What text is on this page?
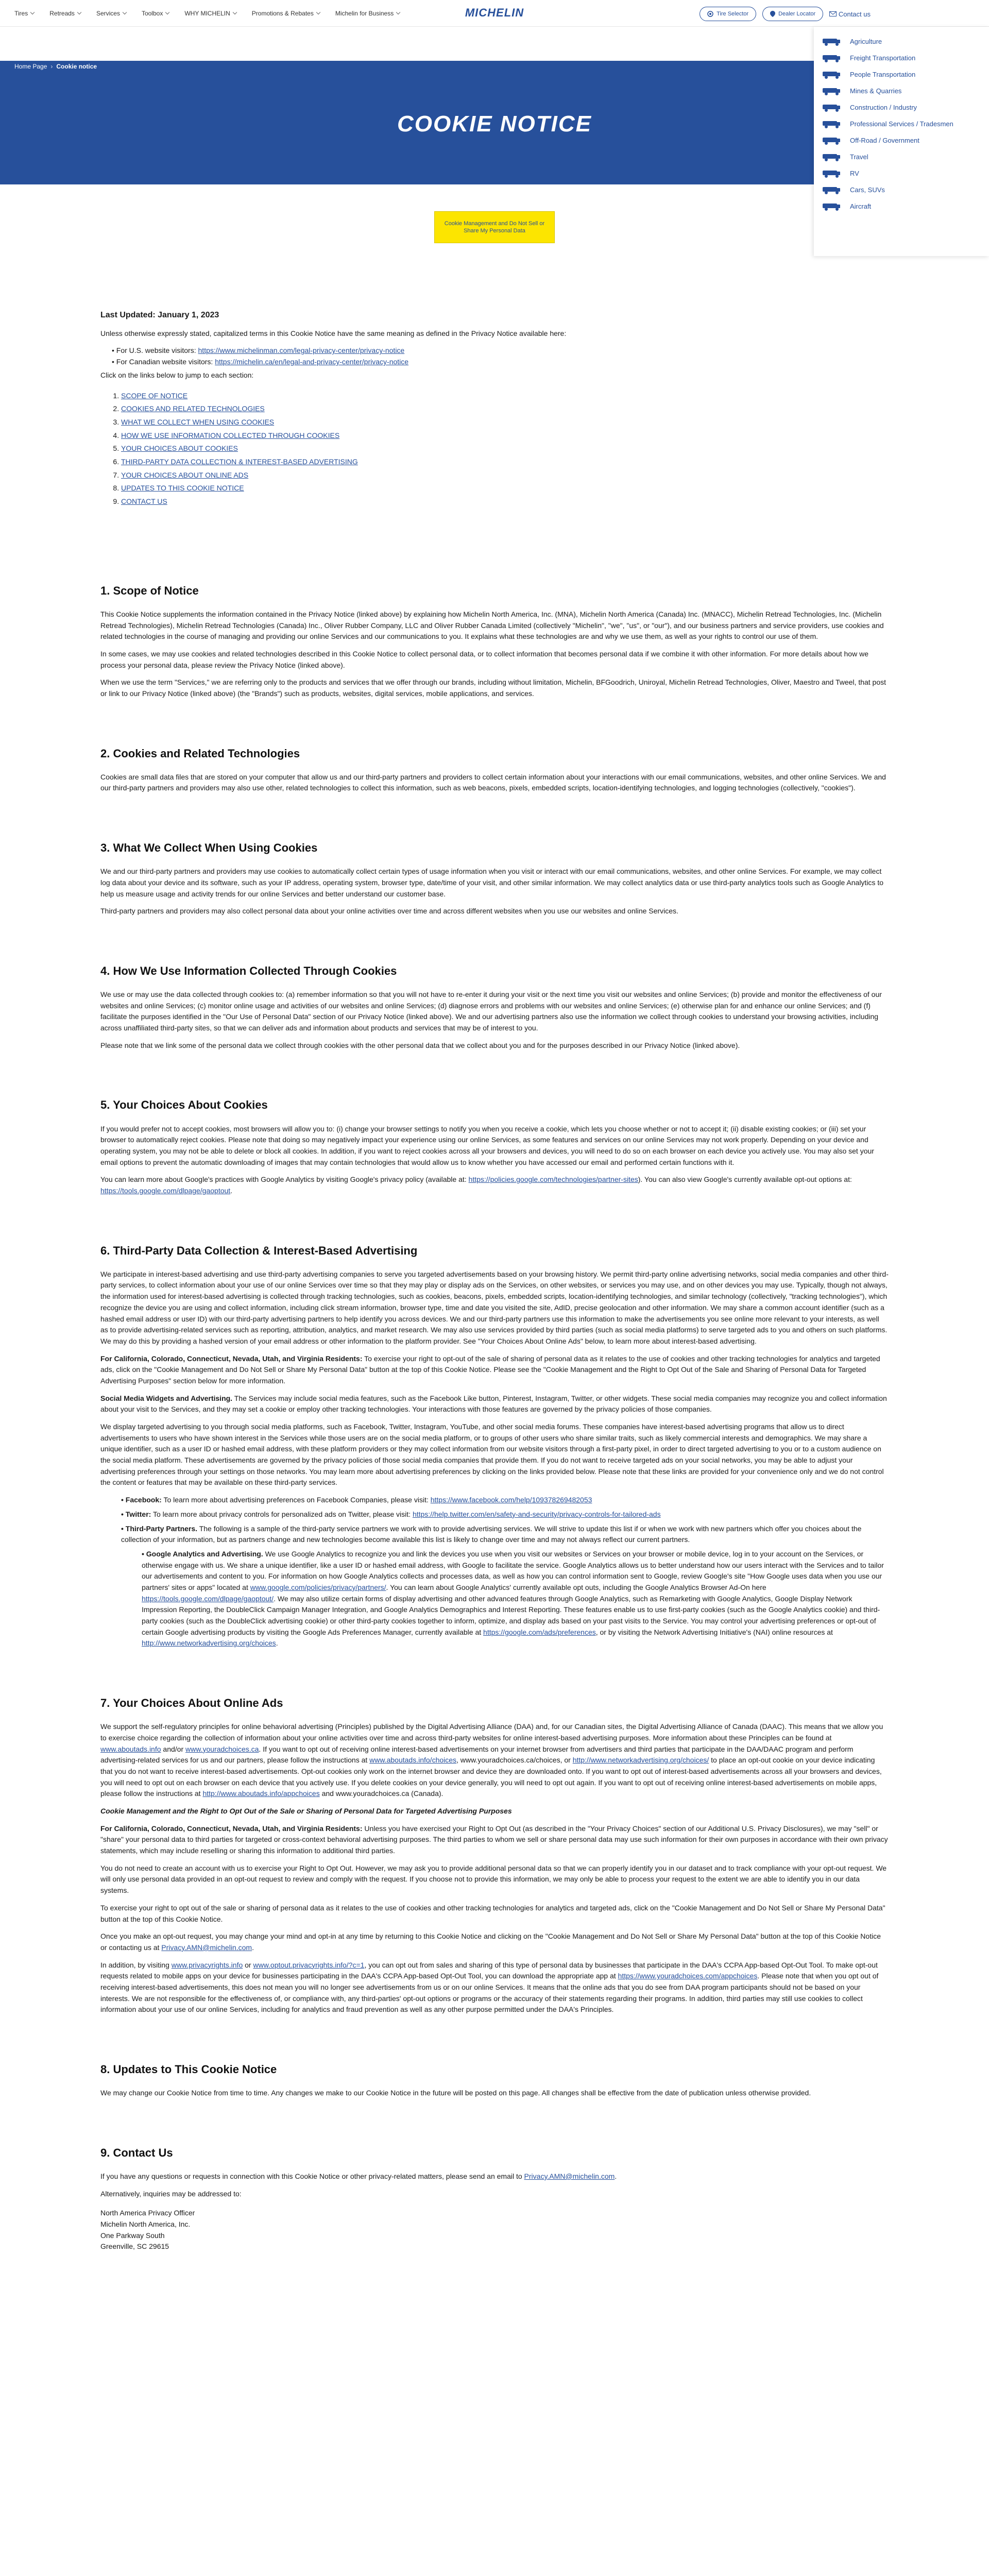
Tires	Retreads	Services	Toolbox	WHY MICHELIN	Promotions & Rebates	Michelin for Business	MICHELIN	Tire Selector	Dealer Locator	Contact us
Home Page › Cookie notice
COOKIE NOTICE
Cookie Management and Do Not Sell or Share My Personal Data
Agriculture
Freight Transportation
People Transportation
Mines & Quarries
Construction / Industry
Professional Services / Tradesmen
Off-Road / Government
Travel
RV
Cars, SUVs
Aircraft

Last Updated: January 1, 2023

Unless otherwise expressly stated, capitalized terms in this Cookie Notice have the same meaning as defined in the Privacy Notice available here:

• For U.S. website visitors: https://www.michelinman.com/legal-privacy-center/privacy-notice
• For Canadian website visitors: https://michelin.ca/en/legal-and-privacy-center/privacy-notice

Click on the links below to jump to each section:

1. SCOPE OF NOTICE
2. COOKIES AND RELATED TECHNOLOGIES
3. WHAT WE COLLECT WHEN USING COOKIES
4. HOW WE USE INFORMATION COLLECTED THROUGH COOKIES
5. YOUR CHOICES ABOUT COOKIES
6. THIRD-PARTY DATA COLLECTION & INTEREST-BASED ADVERTISING
7. YOUR CHOICES ABOUT ONLINE ADS
8. UPDATES TO THIS COOKIE NOTICE
9. CONTACT US
1. Scope of Notice

This Cookie Notice supplements the information contained in the Privacy Notice (linked above) by explaining how Michelin North America, Inc. (MNA), Michelin North America (Canada) Inc. (MNACC), Michelin Retread Technologies, Inc. (Michelin Retread Technologies), Michelin Retread Technologies (Canada) Inc., Oliver Rubber Company, LLC and Oliver Rubber Canada Limited (collectively "Michelin", "we", "us", or "our"), and our business partners and service providers, use cookies and related technologies in the course of managing and providing our online Services and our communications to you. It explains what these technologies are and why we use them, as well as your rights to control our use of them.

In some cases, we may use cookies and related technologies described in this Cookie Notice to collect personal data, or to collect information that becomes personal data if we combine it with other information. For more details about how we process your personal data, please review the Privacy Notice (linked above).

When we use the term "Services," we are referring only to the products and services that we offer through our brands, including without limitation, Michelin, BFGoodrich, Uniroyal, Michelin Retread Technologies, Oliver, Maestro and Tweel, that post or link to our Privacy Notice (linked above) (the "Brands") such as products, websites, digital services, mobile applications, and services.

2. Cookies and Related Technologies

Cookies are small data files that are stored on your computer that allow us and our third-party partners and providers to collect certain information about your interactions with our email communications, websites, and other online Services. We and our third-party partners and providers may also use other, related technologies to collect this information, such as web beacons, pixels, embedded scripts, location-identifying technologies, and logging technologies (collectively, "cookies").

3. What We Collect When Using Cookies

We and our third-party partners and providers may use cookies to automatically collect certain types of usage information when you visit or interact with our email communications, websites, and other online Services. For example, we may collect log data about your device and its software, such as your IP address, operating system, browser type, date/time of your visit, and other similar information. We may collect analytics data or use third-party analytics tools such as Google Analytics to help us measure usage and activity trends for our online Services and better understand our customer base.

Third-party partners and providers may also collect personal data about your online activities over time and across different websites when you use our websites and online Services.

4. How We Use Information Collected Through Cookies

We use or may use the data collected through cookies to: (a) remember information so that you will not have to re-enter it during your visit or the next time you visit our websites and online Services; (b) provide and monitor the effectiveness of our websites and online Services; (c) monitor online usage and activities of our websites and online Services; (d) diagnose errors and problems with our websites and online Services; (e) otherwise plan for and enhance our online Services; and (f) facilitate the purposes identified in the "Our Use of Personal Data" section of our Privacy Notice (linked above). We and our advertising partners also use the information we collect through cookies to understand your browsing activities, including across unaffiliated third-party sites, so that we can deliver ads and information about products and services that may be of interest to you.

Please note that we link some of the personal data we collect through cookies with the other personal data that we collect about you and for the purposes described in our Privacy Notice (linked above).

5. Your Choices About Cookies

If you would prefer not to accept cookies, most browsers will allow you to: (i) change your browser settings to notify you when you receive a cookie, which lets you choose whether or not to accept it; (ii) disable existing cookies; or (iii) set your browser to automatically reject cookies. Please note that doing so may negatively impact your experience using our online Services, as some features and services on our online Services may not work properly. Depending on your device and operating system, you may not be able to delete or block all cookies. In addition, if you want to reject cookies across all your browsers and devices, you will need to do so on each browser on each device you actively use. You may also set your email options to prevent the automatic downloading of images that may contain technologies that would allow us to know whether you have accessed our email and performed certain functions with it.

You can learn more about Google's practices with Google Analytics by visiting Google's privacy policy (available at: https://policies.google.com/technologies/partner-sites). You can also view Google's currently available opt-out options at: https://tools.google.com/dlpage/gaoptout.

6. Third-Party Data Collection & Interest-Based Advertising

We participate in interest-based advertising and use third-party advertising companies to serve you targeted advertisements based on your browsing history. We permit third-party online advertising networks, social media companies and other third-party services, to collect information about your use of our online Services over time so that they may play or display ads on the Services, on other websites, or services you may use, and on other devices you may use. Typically, though not always, the information used for interest-based advertising is collected through tracking technologies, such as cookies, beacons, pixels, embedded scripts, location-identifying technologies, and similar technology (collectively, "tracking technologies"), which recognize the device you are using and collect information, including click stream information, browser type, time and date you visited the site, AdID, precise geolocation and other information. We may share a common account identifier (such as a hashed email address or user ID) with our third-party advertising partners to help identify you across devices. We and our third-party partners use this information to make the advertisements you see online more relevant to your interests, as well as to provide advertising-related services such as reporting, attribution, analytics, and market research. We may also use services provided by third parties (such as social media platforms) to serve targeted ads to you and others on such platforms. We may do this by providing a hashed version of your email address or other information to the platform provider. See "Your Choices About Online Ads" below, to learn more about interest-based advertising.

For California, Colorado, Connecticut, Nevada, Utah, and Virginia Residents: To exercise your right to opt-out of the sale of sharing of personal data as it relates to the use of cookies and other tracking technologies for analytics and targeted ads, click on the "Cookie Management and Do Not Sell or Share My Personal Data" button at the top of this Cookie Notice. Please see the "Cookie Management and the Right to Opt Out of the Sale and Sharing of Personal Data for Targeted Advertising Purposes" section below for more information.

Social Media Widgets and Advertising. The Services may include social media features, such as the Facebook Like button, Pinterest, Instagram, Twitter, or other widgets. These social media companies may recognize you and collect information about your visit to the Services, and they may set a cookie or employ other tracking technologies. Your interactions with those features are governed by the privacy policies of those companies.

We display targeted advertising to you through social media platforms, such as Facebook, Twitter, Instagram, YouTube, and other social media forums. These companies have interest-based advertising programs that allow us to direct advertisements to users who have shown interest in the Services while those users are on the social media platform, or to groups of other users who share similar traits, such as likely commercial interests and demographics. We may share a unique identifier, such as a user ID or hashed email address, with these platform providers or they may collect information from our website visitors through a first-party pixel, in order to direct targeted advertising to you or to a custom audience on the social media platform. These advertisements are governed by the privacy policies of those social media companies that provide them. If you do not want to receive targeted ads on your social networks, you may be able to adjust your advertising preferences through your settings on those networks. You may learn more about advertising preferences by clicking on the links provided below. Please note that these links are provided for your convenience only and we do not control the content or features that may be available on these third-party services.

• Facebook: To learn more about advertising preferences on Facebook Companies, please visit: https://www.facebook.com/help/109378269482053
• Twitter: To learn more about privacy controls for personalized ads on Twitter, please visit: https://help.twitter.com/en/safety-and-security/privacy-controls-for-tailored-ads
• Third-Party Partners. The following is a sample of the third-party service partners we work with to provide advertising services. We will strive to update this list if or when we work with new partners which offer you choices about the collection of your information, but as partners change and new technologies become available this list is likely to change over time and may not always reflect our current partners.
• Google Analytics and Advertising. We use Google Analytics to recognize you and link the devices you use when you visit our websites or Services on your browser or mobile device, log in to your account on the Services, or otherwise engage with us. We share a unique identifier, like a user ID or hashed email address, with Google to facilitate the service. Google Analytics allows us to better understand how our users interact with the Services and to tailor our advertisements and content to you. For information on how Google Analytics collects and processes data, as well as how you can control information sent to Google, review Google's site "How Google uses data when you use our partners' sites or apps" located at www.google.com/policies/privacy/partners/. You can learn about Google Analytics' currently available opt outs, including the Google Analytics Browser Ad-On here https://tools.google.com/dlpage/gaoptout/. We may also utilize certain forms of display advertising and other advanced features through Google Analytics, such as Remarketing with Google Analytics, Google Display Network Impression Reporting, the DoubleClick Campaign Manager Integration, and Google Analytics Demographics and Interest Reporting. These features enable us to use first-party cookies (such as the Google Analytics cookie) and third-party cookies (such as the DoubleClick advertising cookie) or other third-party cookies together to inform, optimize, and display ads based on your past visits to the Service. You may control your advertising preferences or opt-out of certain Google advertising products by visiting the Google Ads Preferences Manager, currently available at https://google.com/ads/preferences, or by visiting the Network Advertising Initiative's (NAI) online resources at http://www.networkadvertising.org/choices.
7. Your Choices About Online Ads

We support the self-regulatory principles for online behavioral advertising (Principles) published by the Digital Advertising Alliance (DAA) and, for our Canadian sites, the Digital Advertising Alliance of Canada (DAAC). This means that we allow you to exercise choice regarding the collection of information about your online activities over time and across third-party websites for online interest-based advertising purposes. More information about these Principles can be found at www.aboutads.info and/or www.youradchoices.ca. If you want to opt out of receiving online interest-based advertisements on your internet browser from advertisers and third parties that participate in the DAA/DAAC program and perform advertising-related services for us and our partners, please follow the instructions at www.aboutads.info/choices, www.youradchoices.ca/choices, or http://www.networkadvertising.org/choices/ to place an opt-out cookie on your device indicating that you do not want to receive interest-based advertisements. Opt-out cookies only work on the internet browser and device they are downloaded onto. If you want to opt out of interest-based advertisements across all your browsers and devices, you will need to opt out on each browser on each device that you actively use. If you delete cookies on your device generally, you will need to opt out again. If you want to opt out of receiving online interest-based advertisements on mobile apps, please follow the instructions at http://www.aboutads.info/appchoices and www.youradchoices.ca (Canada).

Cookie Management and the Right to Opt Out of the Sale or Sharing of Personal Data for Targeted Advertising Purposes

For California, Colorado, Connecticut, Nevada, Utah, and Virginia Residents: Unless you have exercised your Right to Opt Out (as described in the "Your Privacy Choices" section of our Additional U.S. Privacy Disclosures), we may "sell" or "share" your personal data to third parties for targeted or cross-context behavioral advertising purposes. The third parties to whom we sell or share personal data may use such information for their own purposes in accordance with their own privacy statements, which may include reselling or sharing this information to additional third parties.

You do not need to create an account with us to exercise your Right to Opt Out. However, we may ask you to provide additional personal data so that we can properly identify you in our dataset and to track compliance with your opt-out request. We will only use personal data provided in an opt-out request to review and comply with the request. If you choose not to provide this information, we may only be able to process your request to the extent we are able to identify you in our data systems.

To exercise your right to opt out of the sale or sharing of personal data as it relates to the use of cookies and other tracking technologies for analytics and targeted ads, click on the "Cookie Management and Do Not Sell or Share My Personal Data" button at the top of this Cookie Notice.

Once you make an opt-out request, you may change your mind and opt-in at any time by returning to this Cookie Notice and clicking on the "Cookie Management and Do Not Sell or Share My Personal Data" button at the top of this Cookie Notice or contacting us at Privacy.AMN@michelin.com.

In addition, by visiting www.privacyrights.info or www.optout.privacyrights.info/?c=1, you can opt out from sales and sharing of this type of personal data by businesses that participate in the DAA's CCPA App-based Opt-Out Tool. To make opt-out requests related to mobile apps on your device for businesses participating in the DAA's CCPA App-based Opt-Out Tool, you can download the appropriate app at https://www.youradchoices.com/appchoices. Please note that when you opt out of receiving interest-based advertisements, this does not mean you will no longer see advertisements from us or on our online Services. It means that the online ads that you do see from DAA program participants should not be based on your interests. We are not responsible for the effectiveness of, or compliance with, any third-parties' opt-out options or programs or the accuracy of their statements regarding their programs. In addition, third parties may still use cookies to collect information about your use of our online Services, including for analytics and fraud prevention as well as any other purpose permitted under the DAA's Principles.

8. Updates to This Cookie Notice

We may change our Cookie Notice from time to time. Any changes we make to our Cookie Notice in the future will be posted on this page. All changes shall be effective from the date of publication unless otherwise provided.

9. Contact Us

If you have any questions or requests in connection with this Cookie Notice or other privacy-related matters, please send an email to Privacy.AMN@michelin.com.

Alternatively, inquiries may be addressed to:

North America Privacy Officer
Michelin North America, Inc.
One Parkway South
Greenville, SC 29615
